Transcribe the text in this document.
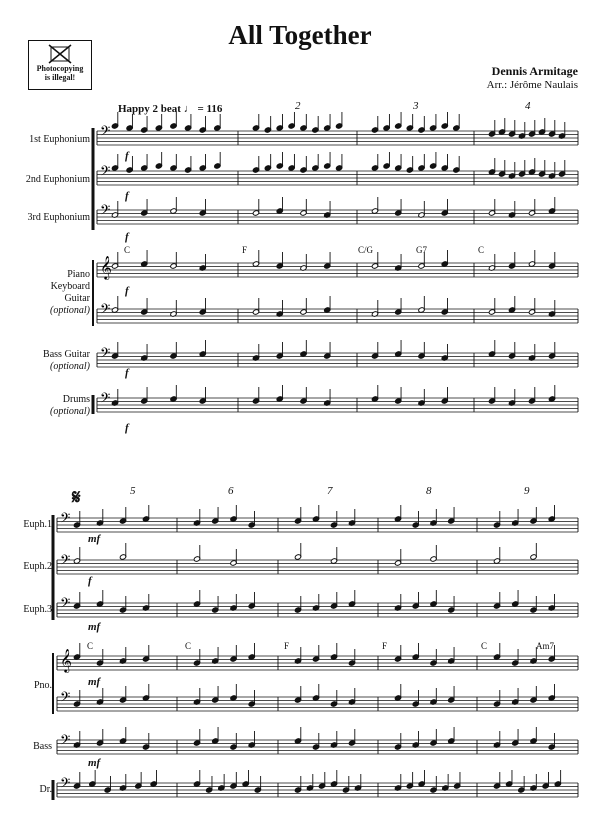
All Together
Dennis Armitage
Arr.: Jérôme Naulais
Photocopying
is illegal!
Happy 2 beat ♩ = 116	2	3	4
1st Euphonium
2nd Euphonium
3rd Euphonium
Piano
Keyboard
Guitar
(optional)
Bass Guitar
(optional)
Drums
(optional)
C	F	C/G	G7	C
f
f
f
f
f
f
𝄋	5	6	7	8	9
Euph.1
Euph.2
Euph.3
Pno.
Bass
Dr.
C	C	F	F	C	Am7
mf
f
mf
mf
mf
𝄢
𝄢
𝄢
𝄞
𝄢
𝄢
𝄢
𝄢
𝄢
𝄢
𝄞
𝄢
𝄢
𝄢
